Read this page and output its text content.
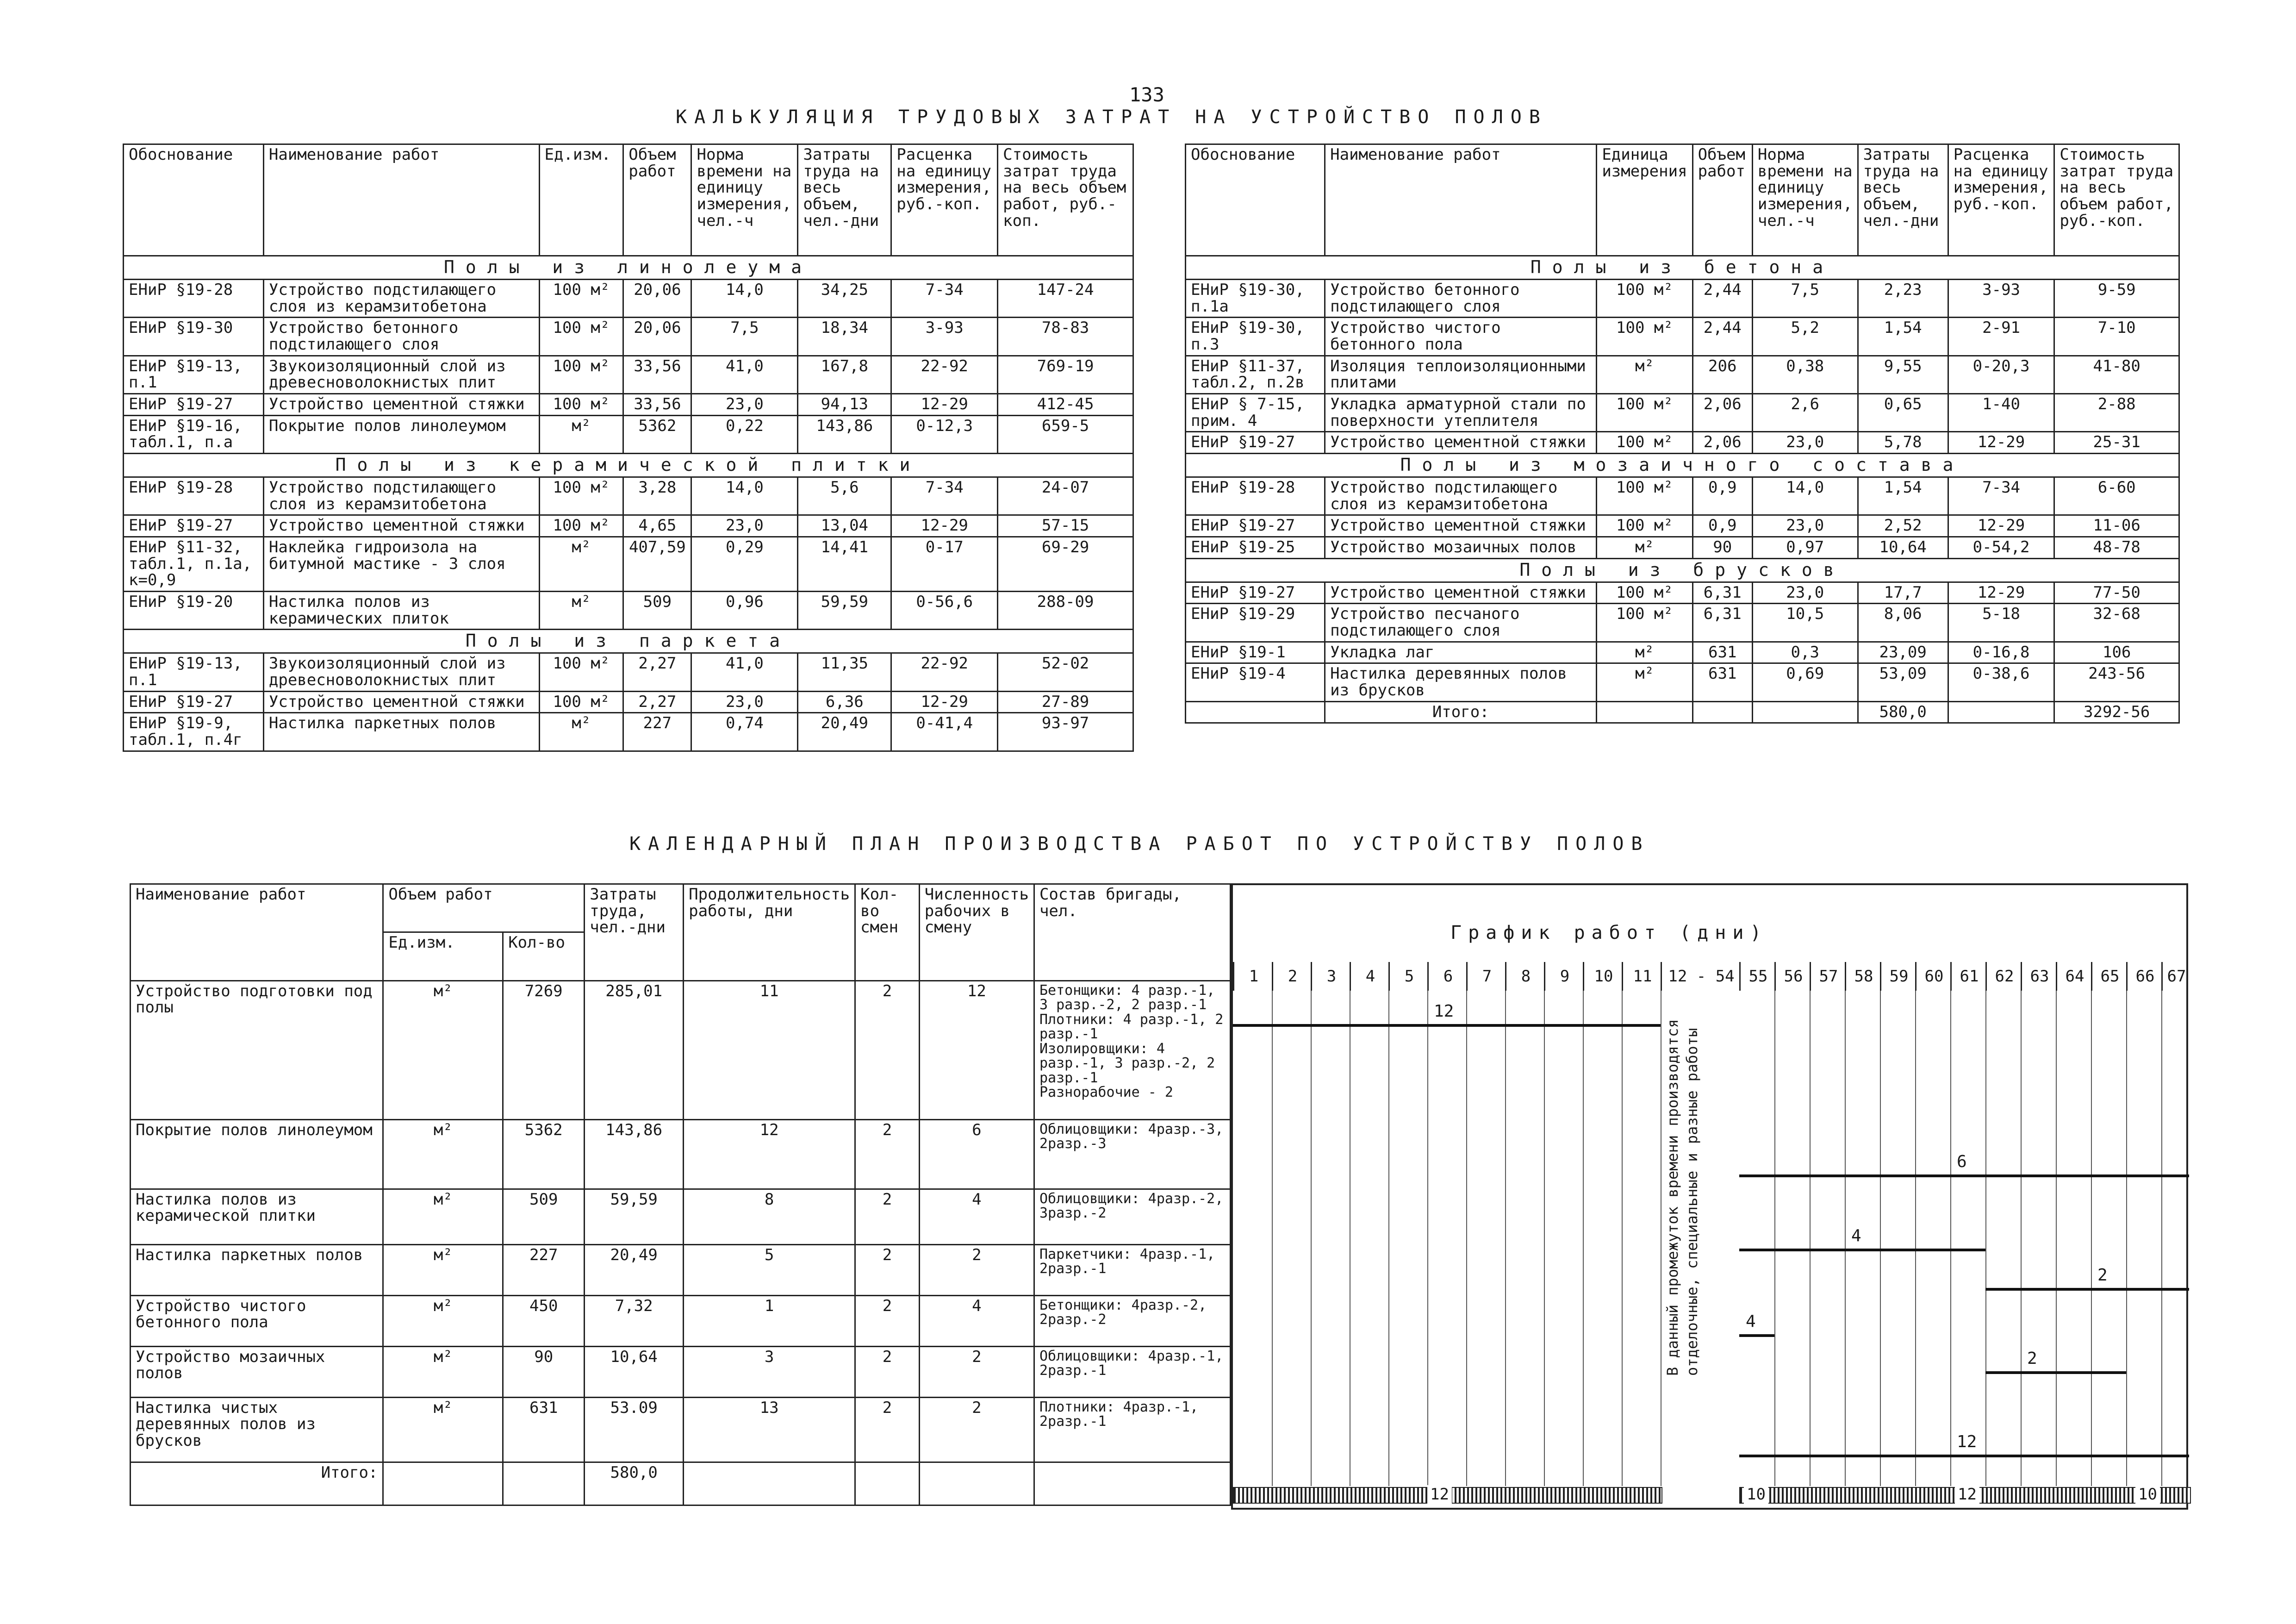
133
КАЛЬКУЛЯЦИЯ ТРУДОВЫХ ЗАТРАТ НА УСТРОЙСТВО ПОЛОВ
Обоснование	Наименование работ	Ед.изм.	Объем работ	Норма времени на единицу измерения, чел.-ч	Затраты труда на весь объем, чел.-дни	Расценка на единицу измерения, руб.-коп.	Стоимость затрат труда на весь объем работ, руб.-коп.
Полы из линолеума							
ЕНиР §19-28	Устройство подстилающего слоя из керамзитобетона	100 м²	20,06	14,0	34,25	7-34	147-24
ЕНиР §19-30	Устройство бетонного подстилающего слоя	100 м²	20,06	7,5	18,34	3-93	78-83
ЕНиР §19-13, п.1	Звукоизоляционный слой из древесноволокнистых плит	100 м²	33,56	41,0	167,8	22-92	769-19
ЕНиР §19-27	Устройство цементной стяжки	100 м²	33,56	23,0	94,13	12-29	412-45
ЕНиР §19-16, табл.1, п.а	Покрытие полов линолеумом	м²	5362	0,22	143,86	0-12,3	659-5
Полы из керамической плитки							
ЕНиР §19-28	Устройство подстилающего слоя из керамзитобетона	100 м²	3,28	14,0	5,6	7-34	24-07
ЕНиР §19-27	Устройство цементной стяжки	100 м²	4,65	23,0	13,04	12-29	57-15
ЕНиР §11-32, табл.1, п.1а, к=0,9	Наклейка гидроизола на битумной мастике - 3 слоя	м²	407,59	0,29	14,41	0-17	69-29
ЕНиР §19-20	Настилка полов из керамических плиток	м²	509	0,96	59,59	0-56,6	288-09
Полы из паркета							
ЕНиР §19-13, п.1	Звукоизоляционный слой из древесноволокнистых плит	100 м²	2,27	41,0	11,35	22-92	52-02
ЕНиР §19-27	Устройство цементной стяжки	100 м²	2,27	23,0	6,36	12-29	27-89
ЕНиР §19-9, табл.1, п.4г	Настилка паркетных полов	м²	227	0,74	20,49	0-41,4	93-97
Обоснование	Наименование работ	Единица измерения	Объем работ	Норма времени на единицу измерения, чел.-ч	Затраты труда на весь объем, чел.-дни	Расценка на единицу измерения, руб.-коп.	Стоимость затрат труда на весь объем работ, руб.-коп.
Полы из бетона							
ЕНиР §19-30, п.1а	Устройство бетонного подстилающего слоя	100 м²	2,44	7,5	2,23	3-93	9-59
ЕНиР §19-30, п.3	Устройство чистого бетонного пола	100 м²	2,44	5,2	1,54	2-91	7-10
ЕНиР §11-37, табл.2, п.2в	Изоляция теплоизоляционными плитами	м²	206	0,38	9,55	0-20,3	41-80
ЕНиР § 7-15, прим. 4	Укладка арматурной стали по поверхности утеплителя	100 м²	2,06	2,6	0,65	1-40	2-88
ЕНиР §19-27	Устройство цементной стяжки	100 м²	2,06	23,0	5,78	12-29	25-31
Полы из мозаичного состава							
ЕНиР §19-28	Устройство подстилающего слоя из керамзитобетона	100 м²	0,9	14,0	1,54	7-34	6-60
ЕНиР §19-27	Устройство цементной стяжки	100 м²	0,9	23,0	2,52	12-29	11-06
ЕНиР §19-25	Устройство мозаичных полов	м²	90	0,97	10,64	0-54,2	48-78
Полы из брусков							
ЕНиР §19-27	Устройство цементной стяжки	100 м²	6,31	23,0	17,7	12-29	77-50
ЕНиР §19-29	Устройство песчаного подстилающего слоя	100 м²	6,31	10,5	8,06	5-18	32-68
ЕНиР §19-1	Укладка лаг	м²	631	0,3	23,09	0-16,8	106
ЕНиР §19-4	Настилка деревянных полов из брусков	м²	631	0,69	53,09	0-38,6	243-56
	Итого:				580,0		3292-56
КАЛЕНДАРНЫЙ ПЛАН ПРОИЗВОДСТВА РАБОТ ПО УСТРОЙСТВУ ПОЛОВ
Наименование работ	Объем работ		Затраты труда, чел.-дни	Продолжительность работы, дни	Кол-во смен	Численность рабочих в смену	Состав бригады, чел.
	Ед.изм.	Кол-во					
Устройство подготовки под полы	м²	7269	285,01	11	2	12	Бетонщики: 4 разр.-1, 3 разр.-2, 2 разр.-1
Плотники: 4 разр.-1, 2 разр.-1
Изолировщики: 4 разр.-1, 3 разр.-2, 2 разр.-1
Разнорабочие - 2
Покрытие полов линолеумом	м²	5362	143,86	12	2	6	Облицовщики: 4разр.-3, 2разр.-3
Настилка полов из керамической плитки	м²	509	59,59	8	2	4	Облицовщики: 4разр.-2, 3разр.-2
Настилка паркетных полов	м²	227	20,49	5	2	2	Паркетчики: 4разр.-1, 2разр.-1
Устройство чистого бетонного пола	м²	450	7,32	1	2	4	Бетонщики: 4разр.-2, 2разр.-2
Устройство мозаичных полов	м²	90	10,64	3	2	2	Облицовщики: 4разр.-1, 2разр.-1
Настилка чистых деревянных полов из брусков	м²	631	53.09	13	2	2	Плотники: 4разр.-1, 2разр.-1
Итого:			580,0				
График работ (дни)
В данный промежуток времени производятся отделочные, специальные и разные работы
1	2	3	4	5	6	7	8	9	10	11	12 - 54 55	56	57	58	59	60	61	62	63	64	65	66 67
12
6
4
2
4
2
12
12	10	12	10
